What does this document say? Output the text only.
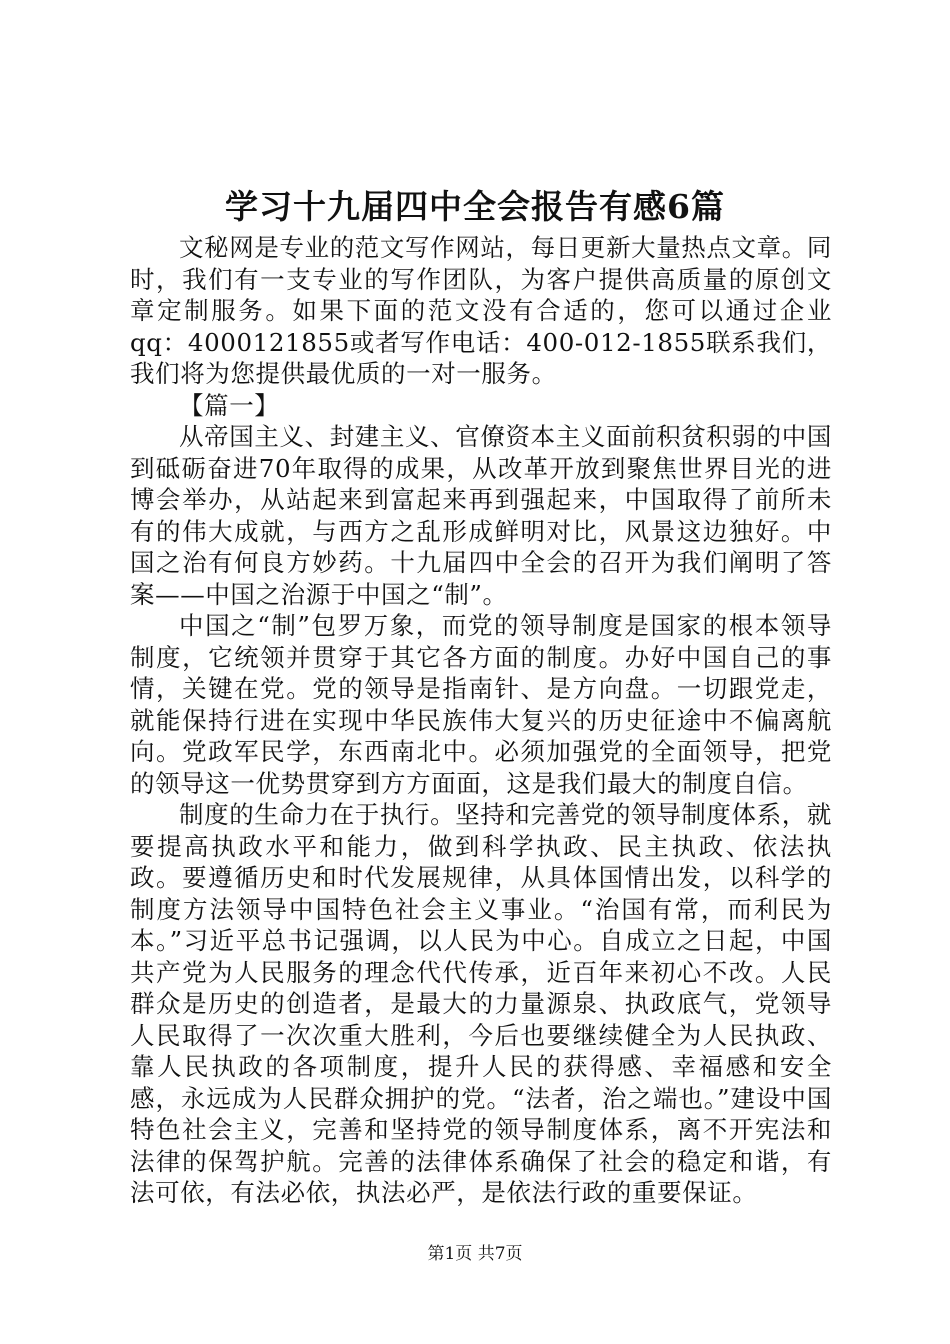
学习十九届四中全会报告有感6篇

文秘网是专业的范文写作网站，每日更新大量热点文章。同时，我们有一支专业的写作团队，为客户提供高质量的原创文章定制服务。如果下面的范文没有合适的，您可以通过企业qq：4000121855或者写作电话：400-012-1855联系我们，我们将为您提供最优质的一对一服务。

【篇一】

从帝国主义、封建主义、官僚资本主义面前积贫积弱的中国到砥砺奋进70年取得的成果，从改革开放到聚焦世界目光的进博会举办，从站起来到富起来再到强起来，中国取得了前所未有的伟大成就，与西方之乱形成鲜明对比，风景这边独好。中国之治有何良方妙药。十九届四中全会的召开为我们阐明了答案——中国之治源于中国之“制”。

中国之“制”包罗万象，而党的领导制度是国家的根本领导制度，它统领并贯穿于其它各方面的制度。办好中国自己的事情，关键在党。党的领导是指南针、是方向盘。一切跟党走，就能保持行进在实现中华民族伟大复兴的历史征途中不偏离航向。党政军民学，东西南北中。必须加强党的全面领导，把党的领导这一优势贯穿到方方面面，这是我们最大的制度自信。

制度的生命力在于执行。坚持和完善党的领导制度体系，就要提高执政水平和能力，做到科学执政、民主执政、依法执政。要遵循历史和时代发展规律，从具体国情出发，以科学的制度方法领导中国特色社会主义事业。“治国有常，而利民为本。”习近平总书记强调，以人民为中心。自成立之日起，中国共产党为人民服务的理念代代传承，近百年来初心不改。人民群众是历史的创造者，是最大的力量源泉、执政底气，党领导人民取得了一次次重大胜利，今后也要继续健全为人民执政、靠人民执政的各项制度，提升人民的获得感、幸福感和安全感，永远成为人民群众拥护的党。“法者，治之端也。”建设中国特色社会主义，完善和坚持党的领导制度体系，离不开宪法和法律的保驾护航。完善的法律体系确保了社会的稳定和谐，有法可依，有法必依，执法必严，是依法行政的重要保证。

第1页 共7页
